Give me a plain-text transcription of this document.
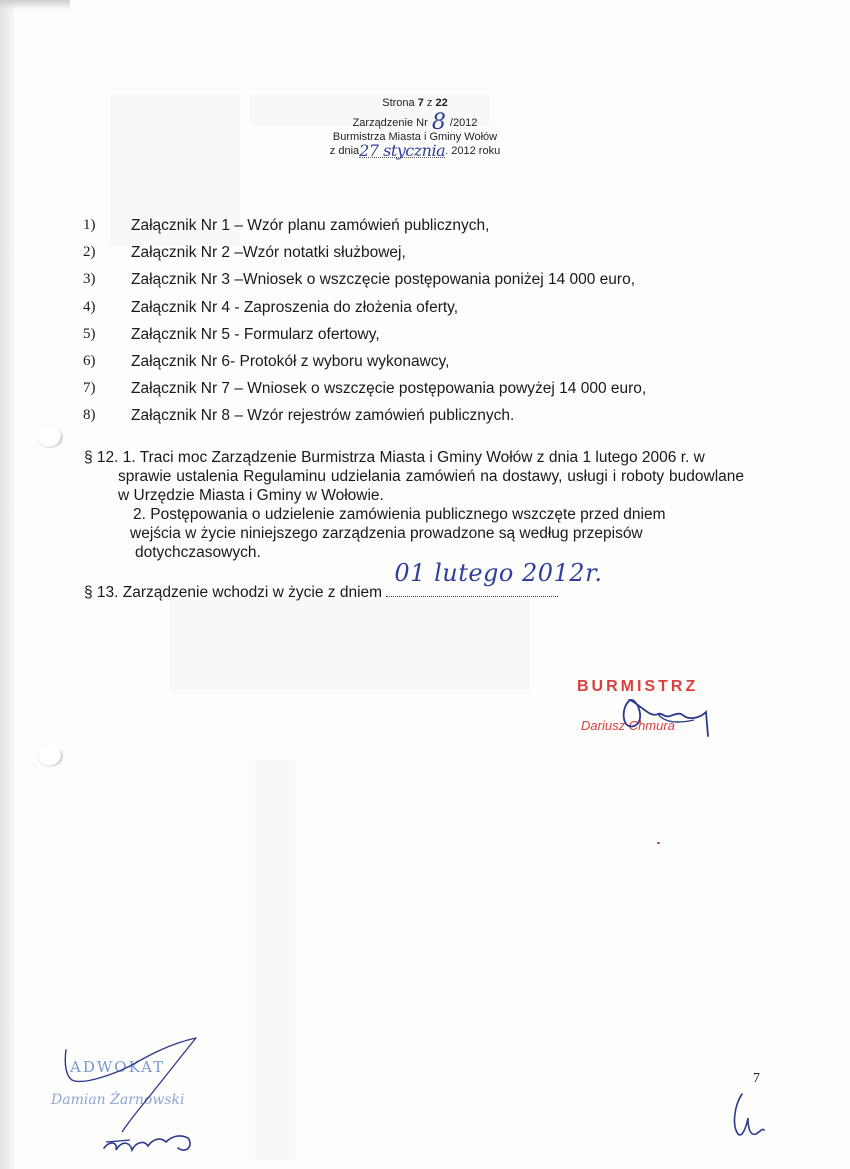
Strona 7 z 22
Zarządzenie Nr 8 /2012
Burmistrza Miasta i Gminy Wołów
z dnia27 stycznia. 2012 roku
1)	Załącznik Nr 1 – Wzór planu zamówień publicznych,
2)	Załącznik Nr 2 –Wzór notatki służbowej,
3)	Załącznik Nr 3 –Wniosek o wszczęcie postępowania poniżej 14 000 euro,
4)	Załącznik Nr 4 - Zaproszenia do złożenia oferty,
5)	Załącznik Nr 5 - Formularz ofertowy,
6)	Załącznik Nr 6- Protokół z wyboru wykonawcy,
7)	Załącznik Nr 7 – Wniosek o wszczęcie postępowania powyżej 14 000 euro,
8)	Załącznik Nr 8 – Wzór rejestrów zamówień publicznych.
§ 12. 1. Traci moc Zarządzenie Burmistrza Miasta i Gminy Wołów z dnia 1 lutego 2006 r. w
sprawie ustalenia Regulaminu udzielania zamówień na dostawy, usługi i roboty budowlane w Urzędzie Miasta i Gminy w Wołowie.
2. Postępowania o udzielenie zamówienia publicznego wszczęte przed dniem
wejścia w życie niniejszego zarządzenia prowadzone są według przepisów
dotychczasowych.
§ 13. Zarządzenie wchodzi w życie z dniem
01 lutego 2012r.
BURMISTRZ
Dariusz Chmura
ADWOKAT
Damian Żarnowski
7
